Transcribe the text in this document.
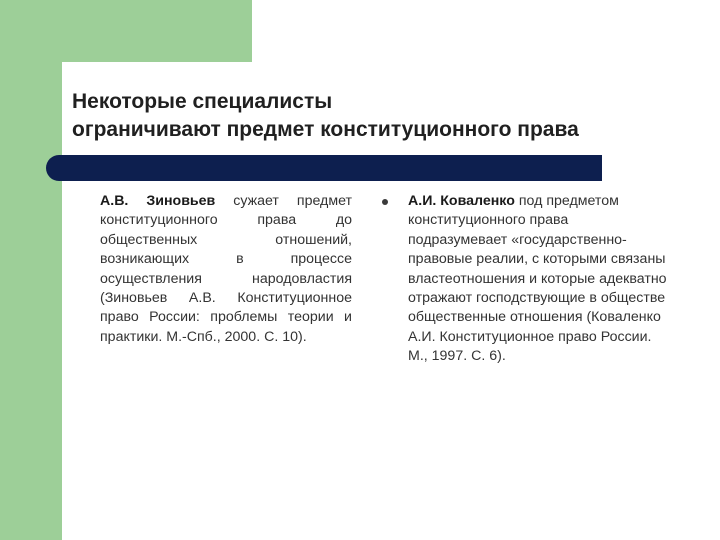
Некоторые специалисты
ограничивают предмет конституционного права
А.В. Зиновьев сужает предмет конституционного права до общественных отношений, возникающих в процессе осуществления народовластия (Зиновьев А.В. Конституционное право России: проблемы теории и практики. М.-Спб., 2000. С. 10).
А.И. Коваленко под предметом конституционного права подразумевает «государственно-правовые реалии, с которыми связаны властеотношения и которые адекватно отражают господствующие в обществе общественные отношения (Коваленко А.И. Конституционное право России. М., 1997. С. 6).
